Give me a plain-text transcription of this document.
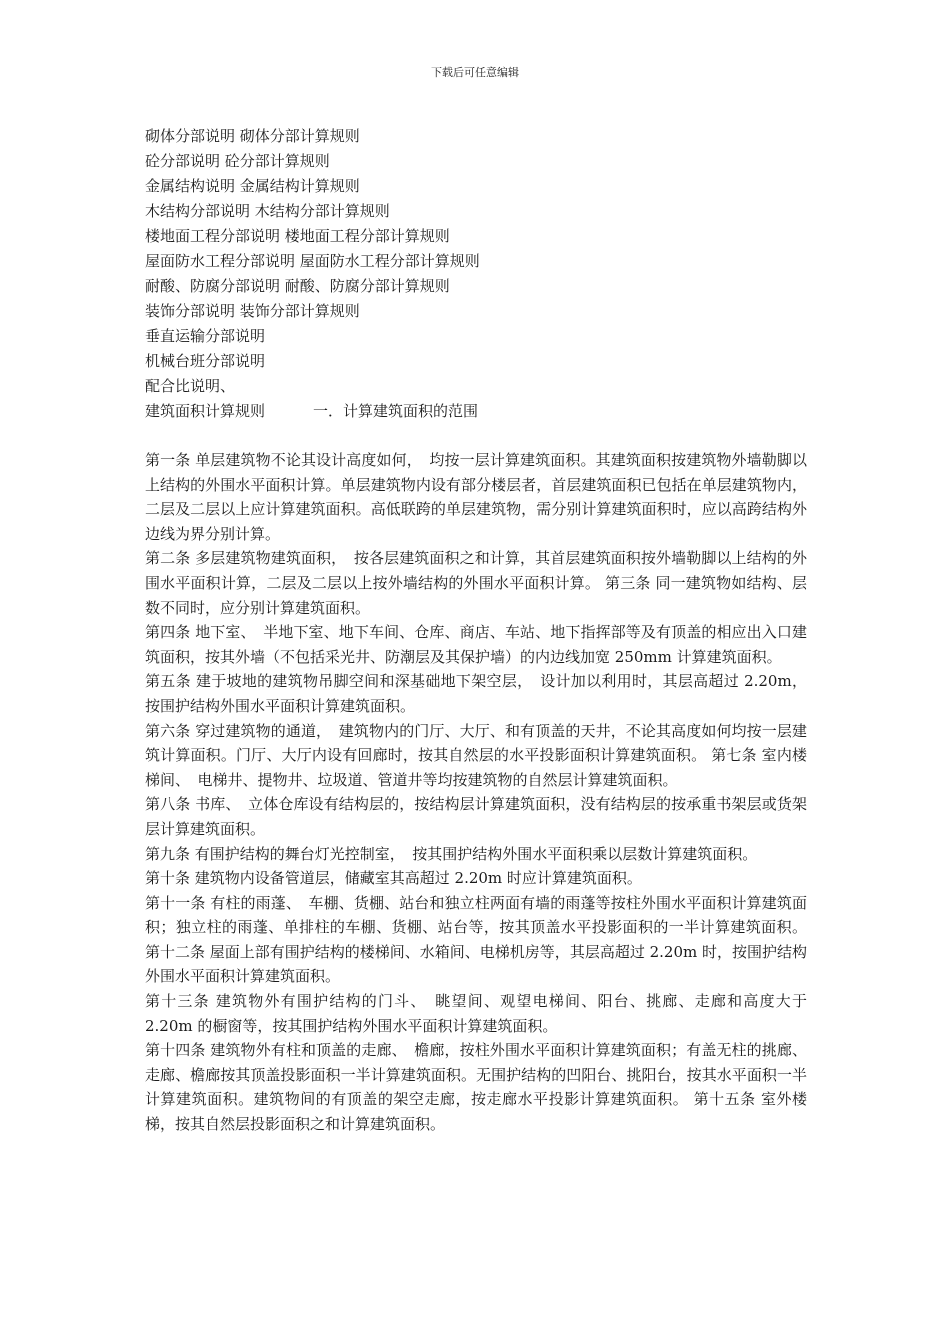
下载后可任意编辑
砌体分部说明 砌体分部计算规则
砼分部说明 砼分部计算规则
金属结构说明 金属结构计算规则
木结构分部说明 木结构分部计算规则
楼地面工程分部说明 楼地面工程分部计算规则
屋面防水工程分部说明 屋面防水工程分部计算规则
耐酸、防腐分部说明 耐酸、防腐分部计算规则
装饰分部说明 装饰分部计算规则
垂直运输分部说明
机械台班分部说明
配合比说明、
建筑面积计算规则	一．计算建筑面积的范围

第一条 单层建筑物不论其设计高度如何，　均按一层计算建筑面积。其建筑面积按建筑物外墙勒脚以上结构的外围水平面积计算。单层建筑物内设有部分楼层者，首层建筑面积已包括在单层建筑物内，二层及二层以上应计算建筑面积。高低联跨的单层建筑物，需分别计算建筑面积时，应以高跨结构外边线为界分别计算。

第二条 多层建筑物建筑面积，　按各层建筑面积之和计算，其首层建筑面积按外墙勒脚以上结构的外围水平面积计算，二层及二层以上按外墙结构的外围水平面积计算。 第三条 同一建筑物如结构、层数不同时，应分别计算建筑面积。

第四条 地下室、　半地下室、地下车间、仓库、商店、车站、地下指挥部等及有顶盖的相应出入口建筑面积，按其外墙（不包括采光井、防潮层及其保护墙）的内边线加宽 250mm 计算建筑面积。

第五条 建于坡地的建筑物吊脚空间和深基础地下架空层，　设计加以利用时，其层高超过 2.20m，按围护结构外围水平面积计算建筑面积。

第六条 穿过建筑物的通道，　建筑物内的门厅、大厅、和有顶盖的天井，不论其高度如何均按一层建筑计算面积。门厅、大厅内设有回廊时，按其自然层的水平投影面积计算建筑面积。 第七条 室内楼梯间、　电梯井、提物井、垃圾道、管道井等均按建筑物的自然层计算建筑面积。

第八条 书库、　立体仓库设有结构层的，按结构层计算建筑面积，没有结构层的按承重书架层或货架层计算建筑面积。

第九条 有围护结构的舞台灯光控制室，　按其围护结构外围水平面积乘以层数计算建筑面积。

第十条 建筑物内设备管道层，储藏室其高超过 2.20m 时应计算建筑面积。

第十一条 有柱的雨蓬、　车棚、货棚、站台和独立柱两面有墙的雨蓬等按柱外围水平面积计算建筑面积；独立柱的雨蓬、单排柱的车棚、货棚、站台等，按其顶盖水平投影面积的一半计算建筑面积。 第十二条 屋面上部有围护结构的楼梯间、水箱间、电梯机房等，其层高超过 2.20m 时，按围护结构外围水平面积计算建筑面积。

第十三条 建筑物外有围护结构的门斗、　眺望间、观望电梯间、阳台、挑廊、走廊和高度大于 2.20m 的橱窗等，按其围护结构外围水平面积计算建筑面积。

第十四条 建筑物外有柱和顶盖的走廊、　檐廊，按柱外围水平面积计算建筑面积；有盖无柱的挑廊、走廊、檐廊按其顶盖投影面积一半计算建筑面积。无围护结构的凹阳台、挑阳台，按其水平面积一半计算建筑面积。建筑物间的有顶盖的架空走廊，按走廊水平投影计算建筑面积。 第十五条 室外楼梯，按其自然层投影面积之和计算建筑面积。
